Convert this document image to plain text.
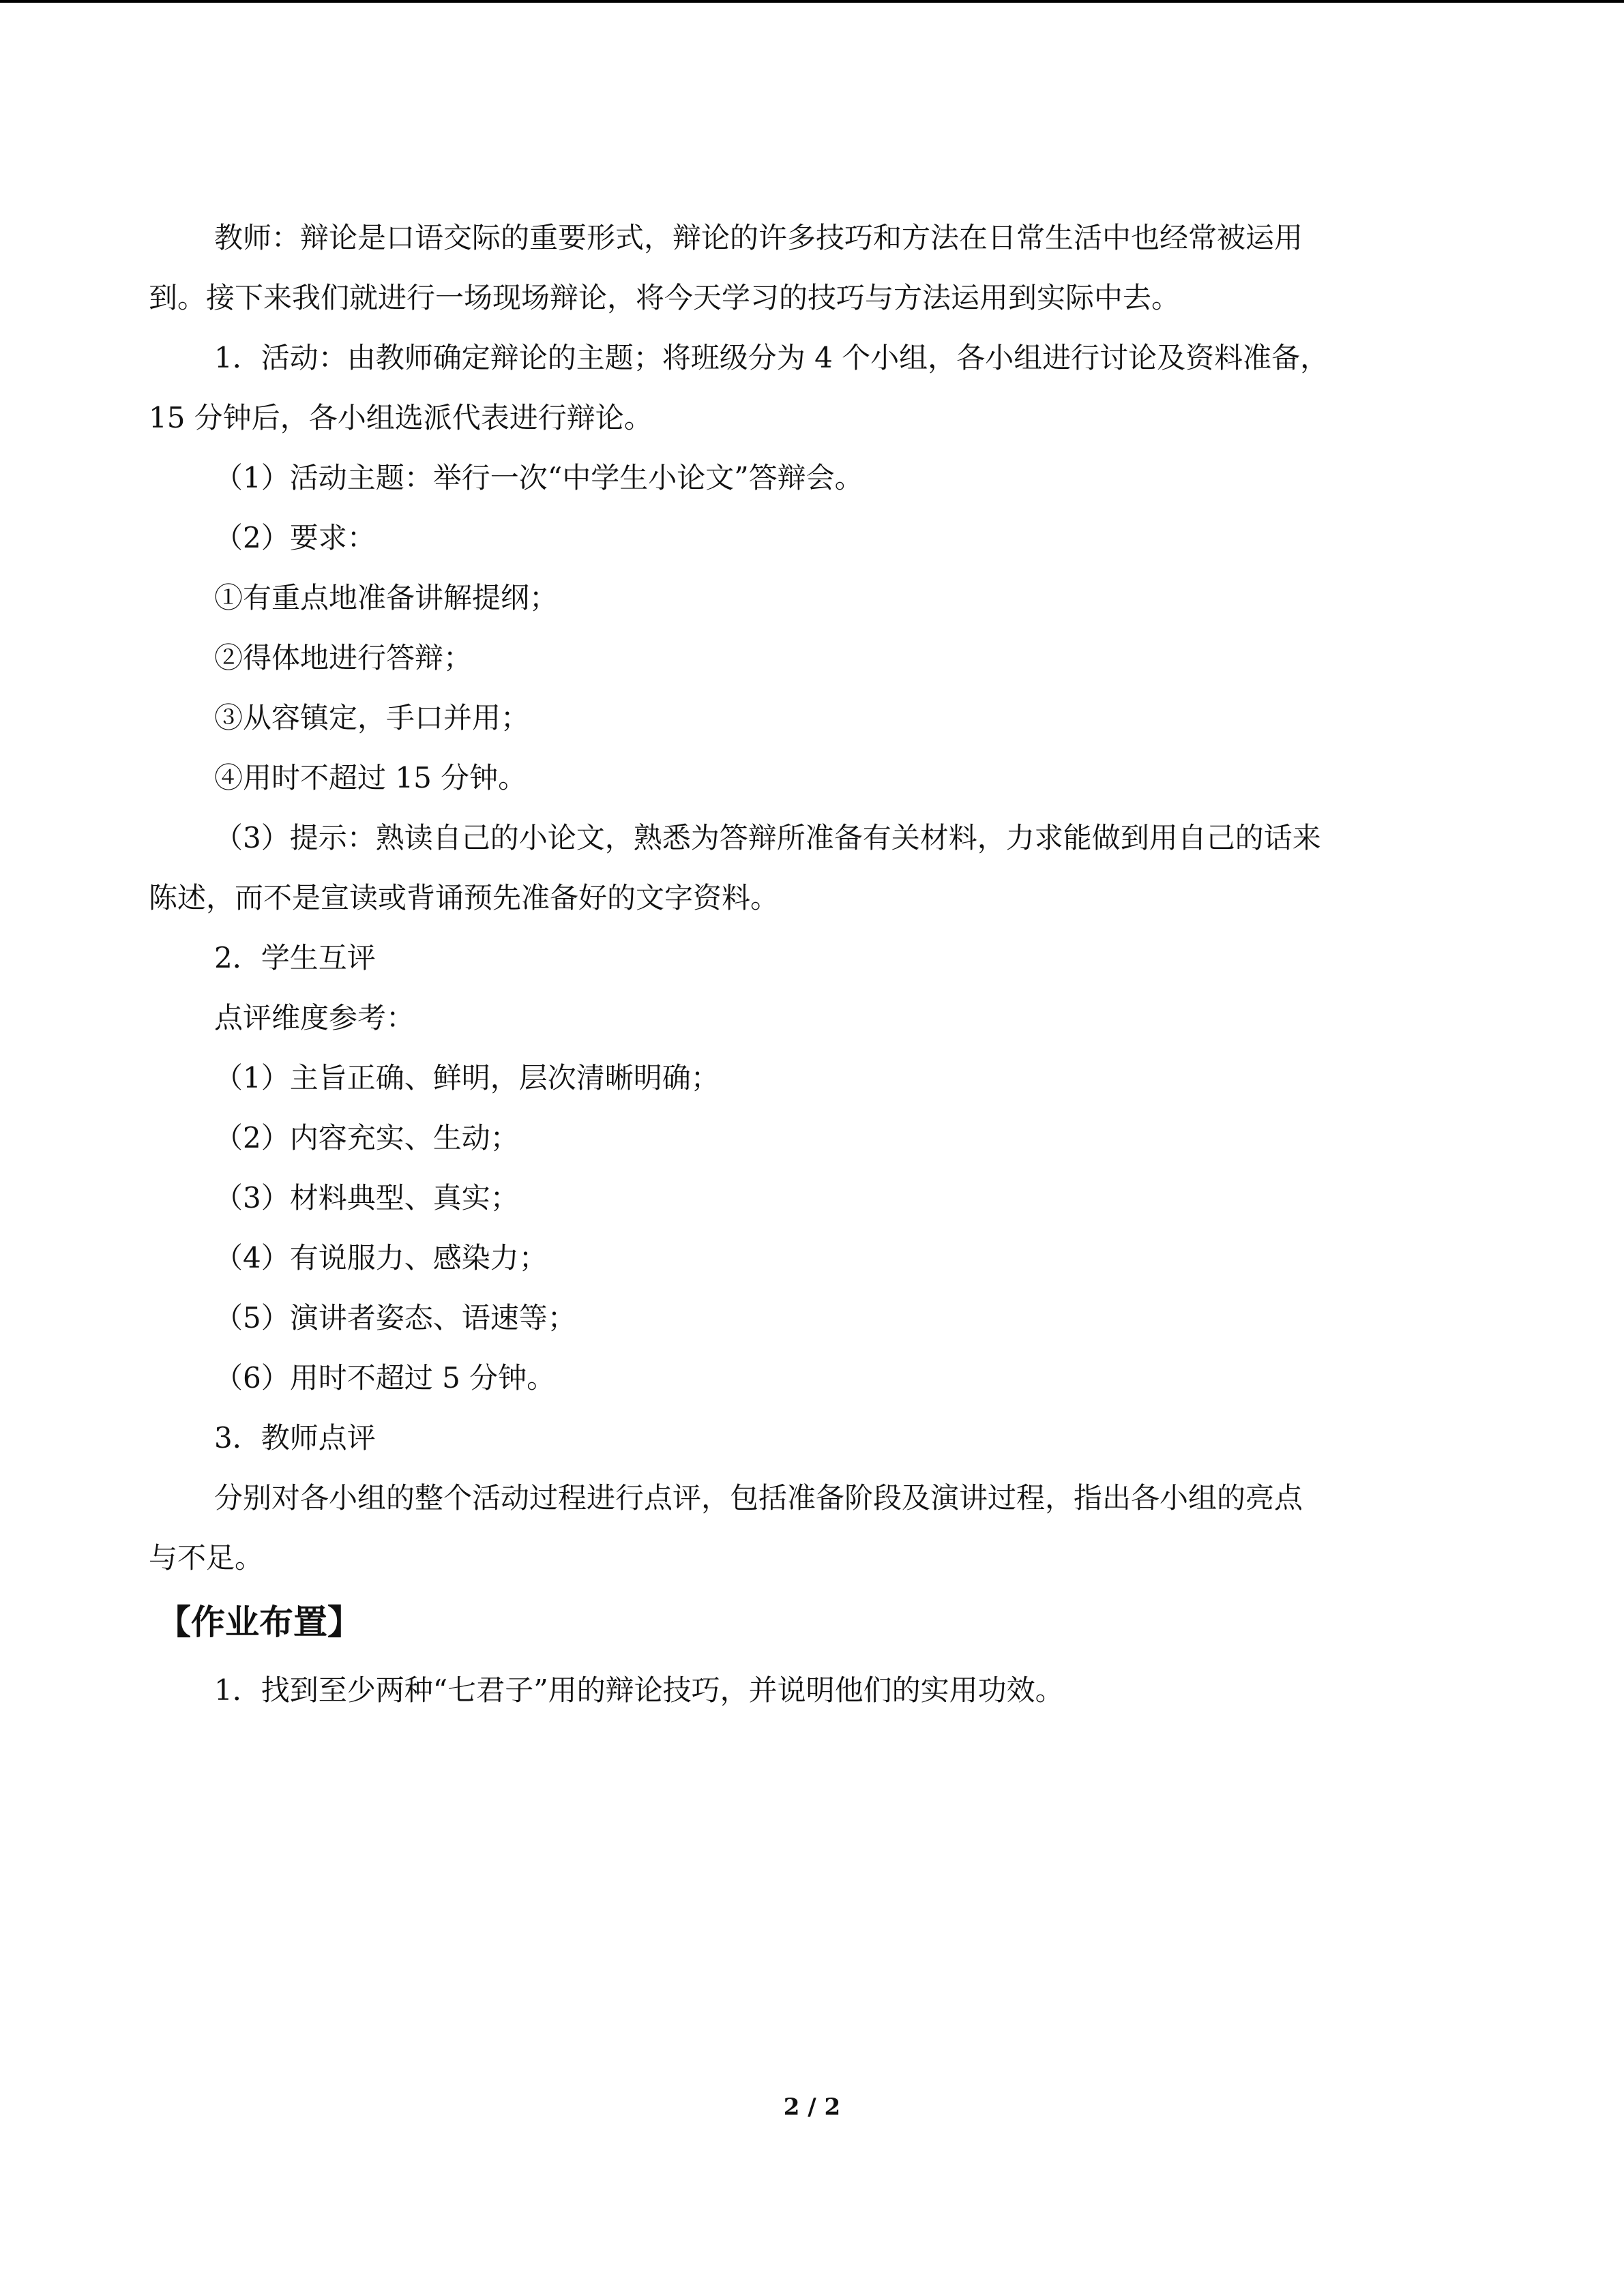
教师：辩论是口语交际的重要形式，辩论的许多技巧和方法在日常生活中也经常被运用

到。接下来我们就进行一场现场辩论，将今天学习的技巧与方法运用到实际中去。

1．活动：由教师确定辩论的主题；将班级分为 4 个小组，各小组进行讨论及资料准备，

15 分钟后，各小组选派代表进行辩论。

（1）活动主题：举行一次“中学生小论文”答辩会。

（2）要求：

①有重点地准备讲解提纲；

②得体地进行答辩；

③从容镇定，手口并用；

④用时不超过 15 分钟。

（3）提示：熟读自己的小论文，熟悉为答辩所准备有关材料，力求能做到用自己的话来

陈述，而不是宣读或背诵预先准备好的文字资料。

2．学生互评

点评维度参考：

（1）主旨正确、鲜明，层次清晰明确；

（2）内容充实、生动；

（3）材料典型、真实；

（4）有说服力、感染力；

（5）演讲者姿态、语速等；

（6）用时不超过 5 分钟。

3．教师点评

分别对各小组的整个活动过程进行点评，包括准备阶段及演讲过程，指出各小组的亮点

与不足。

【作业布置】

1．找到至少两种“七君子”用的辩论技巧，并说明他们的实用功效。

2 / 2
